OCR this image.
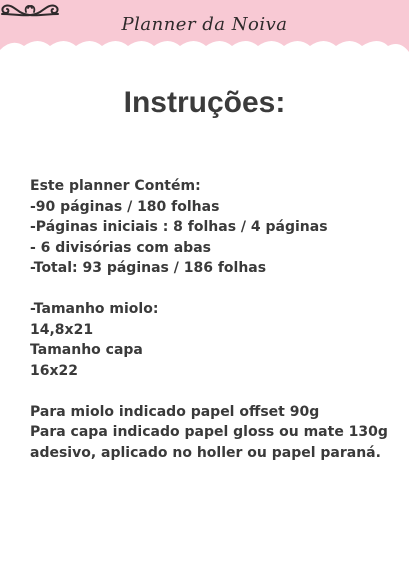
Planner da Noiva
Instruções:
Este planner Contém:
-90 páginas / 180 folhas
-Páginas iniciais : 8 folhas / 4 páginas
- 6 divisórias com abas
-Total: 93 páginas / 186 folhas
-Tamanho miolo:
14,8x21
Tamanho capa
16x22
Para miolo indicado papel offset 90g
Para capa indicado papel gloss ou mate 130g
adesivo, aplicado no holler ou papel paraná.
